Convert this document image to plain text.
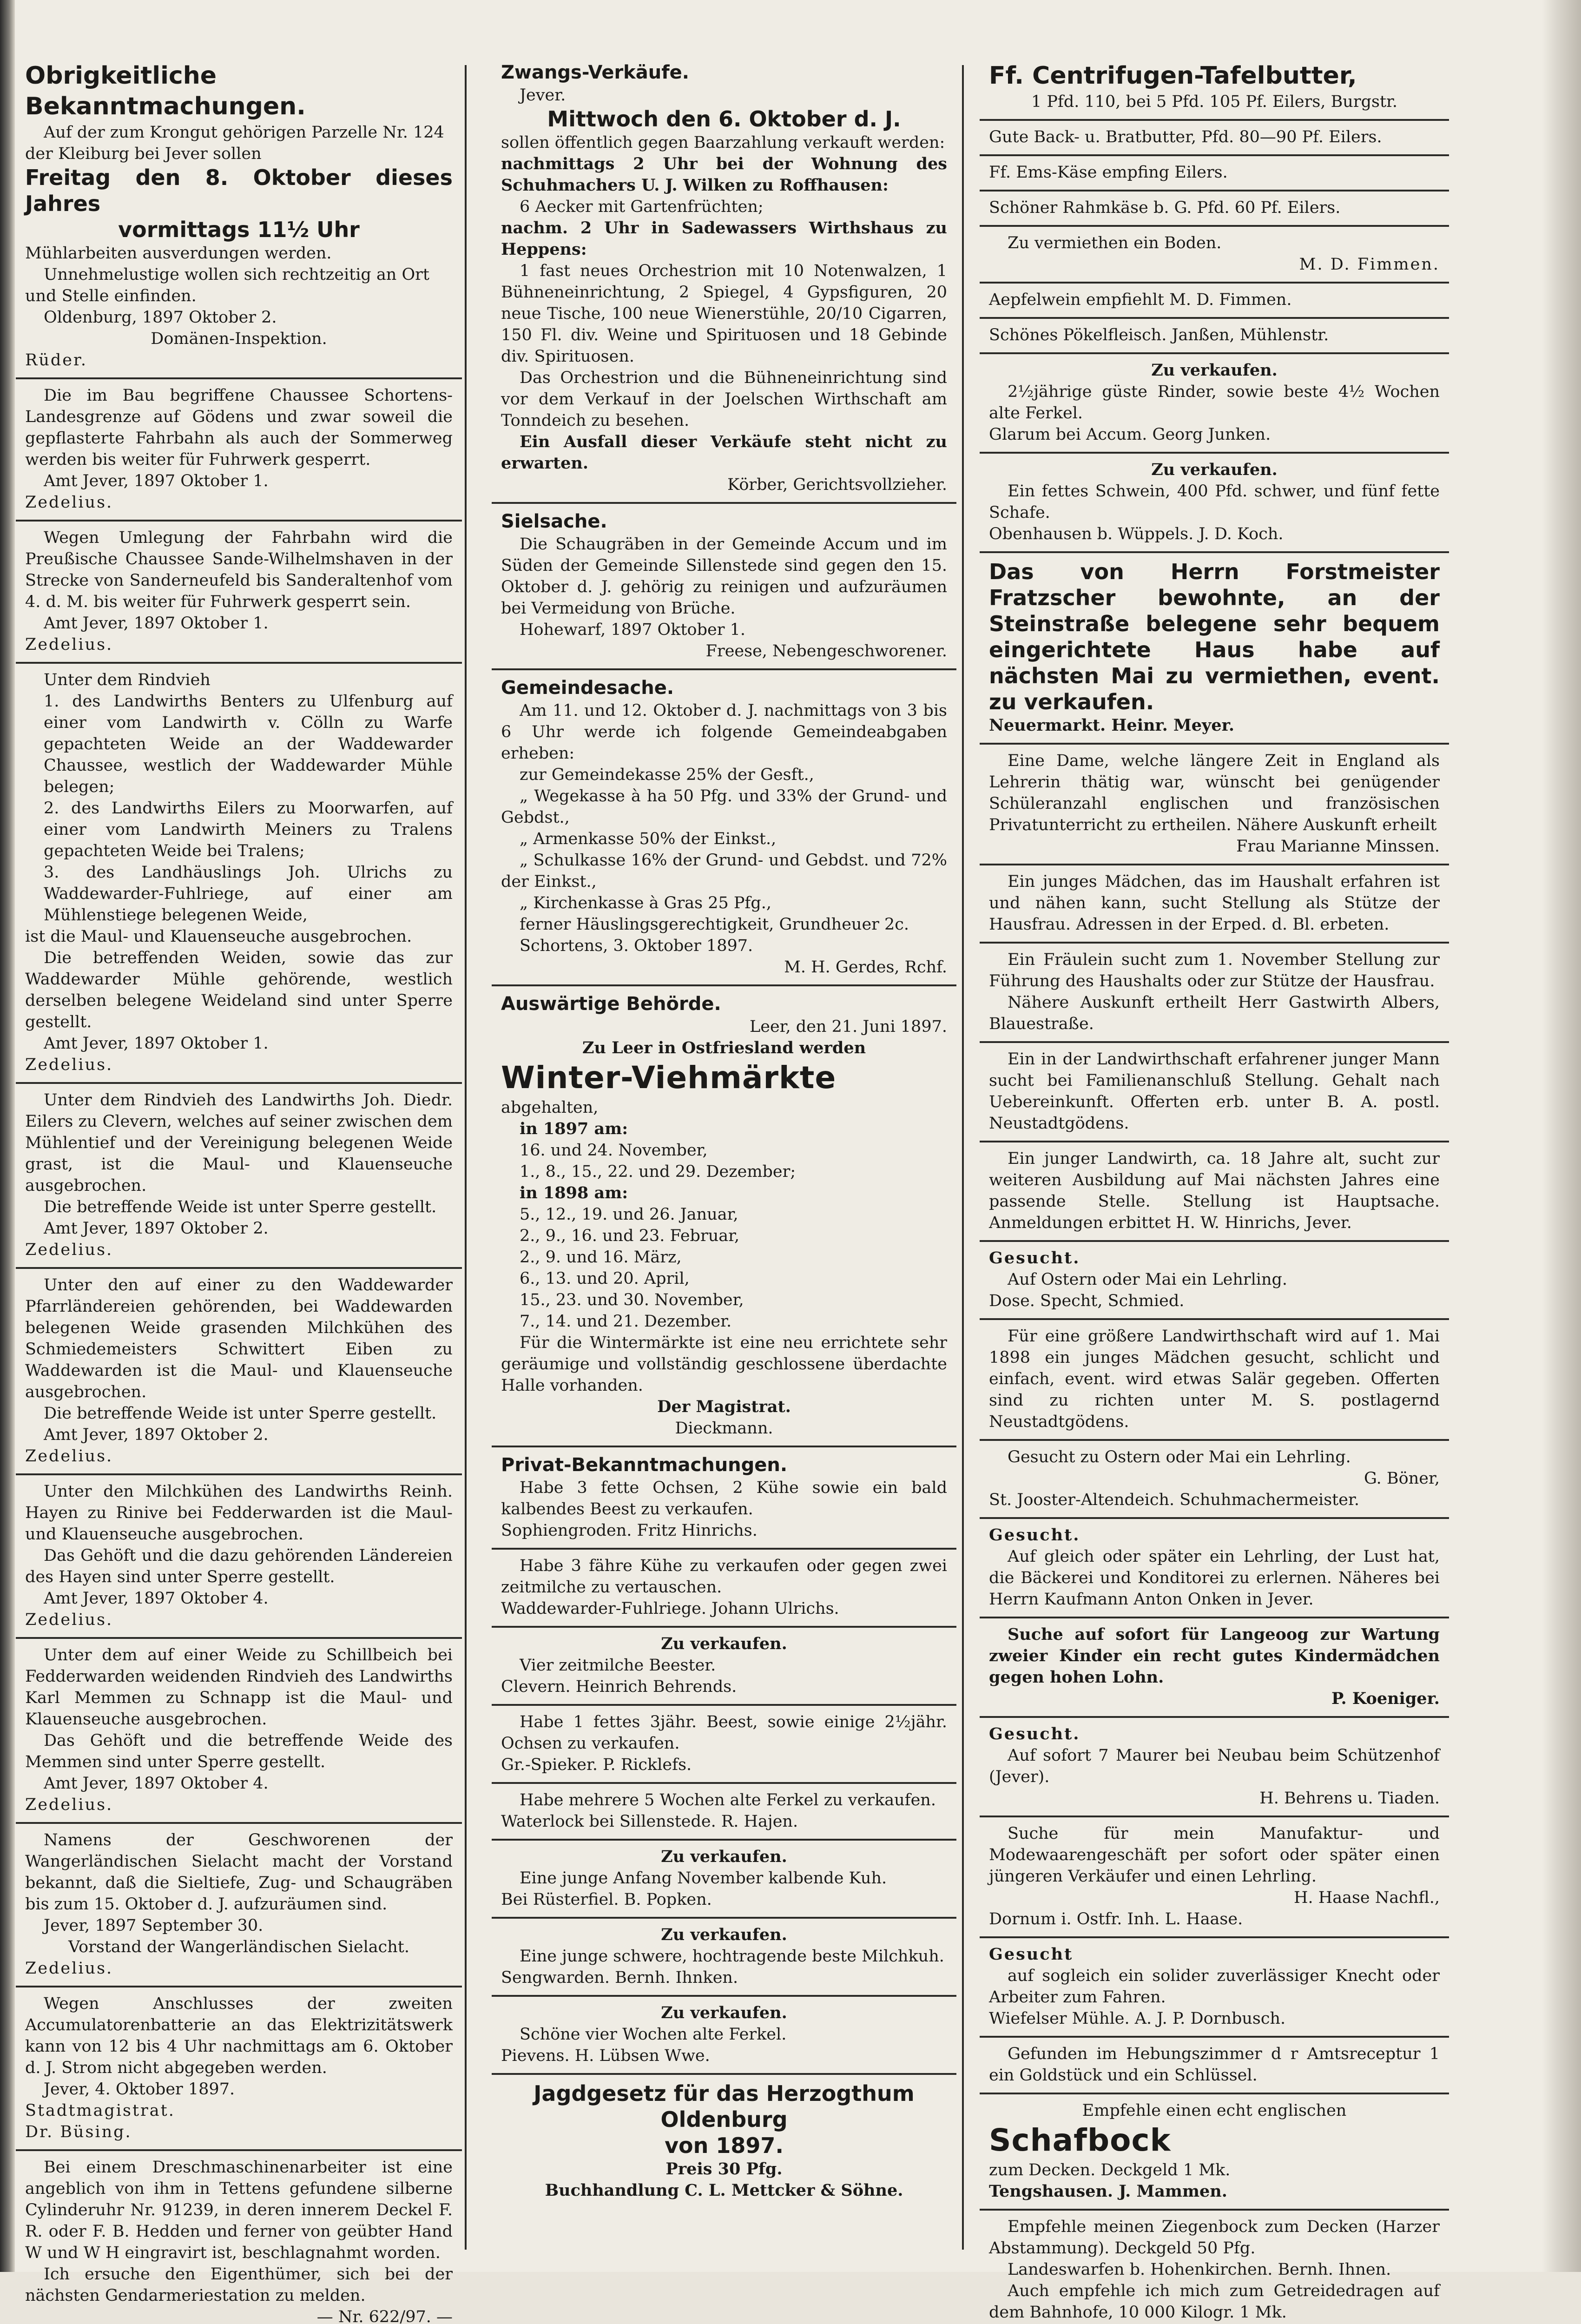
Obrigkeitliche Bekanntmachungen.

Auf der zum Krongut gehörigen Parzelle Nr. 124

der Kleiburg bei Jever sollen

Freitag den 8. Oktober dieses Jahres

vormittags 11½ Uhr

Mühlarbeiten ausverdungen werden.

Unnehmelustige wollen sich rechtzeitig an Ort

und Stelle einfinden.

Oldenburg, 1897 Oktober 2.

Domänen-Inspektion.

Rüder.

Die im Bau begriffene Chaussee Schortens-Landesgrenze auf Gödens und zwar soweil die gepflasterte Fahrbahn als auch der Sommerweg werden bis weiter für Fuhrwerk gesperrt.

Amt Jever, 1897 Oktober 1.

Zedelius.

Wegen Umlegung der Fahrbahn wird die Preußische Chaussee Sande-Wilhelmshaven in der Strecke von Sanderneufeld bis Sanderaltenhof vom 4. d. M. bis weiter für Fuhrwerk gesperrt sein.

Amt Jever, 1897 Oktober 1.

Zedelius.

Unter dem Rindvieh

1. des Landwirths Benters zu Ulfenburg auf einer vom Landwirth v. Cölln zu Warfe gepachteten Weide an der Waddewarder Chaussee, westlich der Waddewarder Mühle belegen;

2. des Landwirths Eilers zu Moorwarfen, auf einer vom Landwirth Meiners zu Tralens gepachteten Weide bei Tralens;

3. des Landhäuslings Joh. Ulrichs zu Waddewarder-Fuhlriege, auf einer am Mühlenstiege belegenen Weide,

ist die Maul- und Klauenseuche ausgebrochen.

Die betreffenden Weiden, sowie das zur Waddewarder Mühle gehörende, westlich derselben belegene Weideland sind unter Sperre gestellt.

Amt Jever, 1897 Oktober 1.

Zedelius.

Unter dem Rindvieh des Landwirths Joh. Diedr. Eilers zu Clevern, welches auf seiner zwischen dem Mühlentief und der Vereinigung belegenen Weide grast, ist die Maul- und Klauenseuche ausgebrochen.

Die betreffende Weide ist unter Sperre gestellt.

Amt Jever, 1897 Oktober 2.

Zedelius.

Unter den auf einer zu den Waddewarder Pfarrländereien gehörenden, bei Waddewarden belegenen Weide grasenden Milchkühen des Schmiedemeisters Schwittert Eiben zu Waddewarden ist die Maul- und Klauenseuche ausgebrochen.

Die betreffende Weide ist unter Sperre gestellt.

Amt Jever, 1897 Oktober 2.

Zedelius.

Unter den Milchkühen des Landwirths Reinh. Hayen zu Rinive bei Fedderwarden ist die Maul- und Klauenseuche ausgebrochen.

Das Gehöft und die dazu gehörenden Ländereien des Hayen sind unter Sperre gestellt.

Amt Jever, 1897 Oktober 4.

Zedelius.

Unter dem auf einer Weide zu Schillbeich bei Fedderwarden weidenden Rindvieh des Landwirths Karl Memmen zu Schnapp ist die Maul- und Klauenseuche ausgebrochen.

Das Gehöft und die betreffende Weide des Memmen sind unter Sperre gestellt.

Amt Jever, 1897 Oktober 4.

Zedelius.

Namens der Geschworenen der Wangerländischen Sielacht macht der Vorstand bekannt, daß die Sieltiefe, Zug- und Schaugräben bis zum 15. Oktober d. J. aufzuräumen sind.

Jever, 1897 September 30.

Vorstand der Wangerländischen Sielacht.

Zedelius.

Wegen Anschlusses der zweiten Accumulatorenbatterie an das Elektrizitätswerk kann von 12 bis 4 Uhr nachmittags am 6. Oktober d. J. Strom nicht abgegeben werden.

Jever, 4. Oktober 1897.

Stadtmagistrat.

Dr. Büsing.

Bei einem Dreschmaschinenarbeiter ist eine angeblich von ihm in Tettens gefundene silberne Cylinderuhr Nr. 91239, in deren innerem Deckel F. R. oder F. B. Hedden und ferner von geübter Hand W und W H eingravirt ist, beschlagnahmt worden.

Ich ersuche den Eigenthümer, sich bei der nächsten Gendarmeriestation zu melden.

— Nr. 622/97. —

Zwangs-Verkäufe.

Jever.

Mittwoch den 6. Oktober d. J.

sollen öffentlich gegen Baarzahlung verkauft werden:

nachmittags 2 Uhr bei der Wohnung des Schuhmachers U. J. Wilken zu Roffhausen:

6 Aecker mit Gartenfrüchten;

nachm. 2 Uhr in Sadewassers Wirthshaus zu Heppens:

1 fast neues Orchestrion mit 10 Notenwalzen, 1 Bühneneinrichtung, 2 Spiegel, 4 Gypsfiguren, 20 neue Tische, 100 neue Wienerstühle, 20/10 Cigarren, 150 Fl. div. Weine und Spirituosen und 18 Gebinde div. Spirituosen.

Das Orchestrion und die Bühneneinrichtung sind vor dem Verkauf in der Joelschen Wirthschaft am Tonndeich zu besehen.

Ein Ausfall dieser Verkäufe steht nicht zu erwarten.

Körber, Gerichtsvollzieher.

Sielsache.

Die Schaugräben in der Gemeinde Accum und im Süden der Gemeinde Sillenstede sind gegen den 15. Oktober d. J. gehörig zu reinigen und aufzuräumen bei Vermeidung von Brüche.

Hohewarf, 1897 Oktober 1.

Freese, Nebengeschworener.

Gemeindesache.

Am 11. und 12. Oktober d. J. nachmittags von 3 bis 6 Uhr werde ich folgende Gemeindeabgaben erheben:

zur Gemeindekasse 25% der Gesft.,

„ Wegekasse à ha 50 Pfg. und 33% der Grund- und Gebdst.,

„ Armenkasse 50% der Einkst.,

„ Schulkasse 16% der Grund- und Gebdst. und 72% der Einkst.,

„ Kirchenkasse à Gras 25 Pfg.,

ferner Häuslingsgerechtigkeit, Grundheuer 2c.

Schortens, 3. Oktober 1897.

M. H. Gerdes, Rchf.

Auswärtige Behörde.

Leer, den 21. Juni 1897.

Zu Leer in Ostfriesland werden

Winter-Viehmärkte

abgehalten,

in 1897 am:

16. und 24. November,

1., 8., 15., 22. und 29. Dezember;

in 1898 am:

5., 12., 19. und 26. Januar,

2., 9., 16. und 23. Februar,

2., 9. und 16. März,

6., 13. und 20. April,

15., 23. und 30. November,

7., 14. und 21. Dezember.

Für die Wintermärkte ist eine neu errichtete sehr geräumige und vollständig geschlossene überdachte Halle vorhanden.

Der Magistrat.

Dieckmann.

Privat-Bekanntmachungen.

Habe 3 fette Ochsen, 2 Kühe sowie ein bald kalbendes Beest zu verkaufen.

Sophiengroden. Fritz Hinrichs.

Habe 3 fähre Kühe zu verkaufen oder gegen zwei zeitmilche zu vertauschen.

Waddewarder-Fuhlriege. Johann Ulrichs.

Zu verkaufen.

Vier zeitmilche Beester.

Clevern. Heinrich Behrends.

Habe 1 fettes 3jähr. Beest, sowie einige 2½jähr. Ochsen zu verkaufen.

Gr.-Spieker. P. Ricklefs.

Habe mehrere 5 Wochen alte Ferkel zu verkaufen.

Waterlock bei Sillenstede. R. Hajen.

Zu verkaufen.

Eine junge Anfang November kalbende Kuh.

Bei Rüsterfiel. B. Popken.

Zu verkaufen.

Eine junge schwere, hochtragende beste Milchkuh.

Sengwarden. Bernh. Ihnken.

Zu verkaufen.

Schöne vier Wochen alte Ferkel.

Pievens. H. Lübsen Wwe.

Jagdgesetz für das Herzogthum Oldenburg

von 1897.

Preis 30 Pfg.

Buchhandlung C. L. Mettcker & Söhne.

Ff. Centrifugen-Tafelbutter,

1 Pfd. 110, bei 5 Pfd. 105 Pf. Eilers, Burgstr.

Gute Back- u. Bratbutter, Pfd. 80—90 Pf. Eilers.

Ff. Ems-Käse empfing Eilers.

Schöner Rahmkäse b. G. Pfd. 60 Pf. Eilers.

Zu vermiethen ein Boden.

M. D. Fimmen.

Aepfelwein empfiehlt M. D. Fimmen.

Schönes Pökelfleisch. Janßen, Mühlenstr.

Zu verkaufen.

2½jährige güste Rinder, sowie beste 4½ Wochen alte Ferkel.

Glarum bei Accum. Georg Junken.

Zu verkaufen.

Ein fettes Schwein, 400 Pfd. schwer, und fünf fette Schafe.

Obenhausen b. Wüppels. J. D. Koch.

Das von Herrn Forstmeister Fratzscher bewohnte, an der Steinstraße belegene sehr bequem eingerichtete Haus habe auf nächsten Mai zu vermiethen, event. zu verkaufen.

Neuermarkt. Heinr. Meyer.

Eine Dame, welche längere Zeit in England als Lehrerin thätig war, wünscht bei genügender Schüleranzahl englischen und französischen Privatunterricht zu ertheilen. Nähere Auskunft erheilt

Frau Marianne Minssen.

Ein junges Mädchen, das im Haushalt erfahren ist und nähen kann, sucht Stellung als Stütze der Hausfrau. Adressen in der Erped. d. Bl. erbeten.

Ein Fräulein sucht zum 1. November Stellung zur Führung des Haushalts oder zur Stütze der Hausfrau.

Nähere Auskunft ertheilt Herr Gastwirth Albers, Blauestraße.

Ein in der Landwirthschaft erfahrener junger Mann sucht bei Familienanschluß Stellung. Gehalt nach Uebereinkunft. Offerten erb. unter B. A. postl. Neustadtgödens.

Ein junger Landwirth, ca. 18 Jahre alt, sucht zur weiteren Ausbildung auf Mai nächsten Jahres eine passende Stelle. Stellung ist Hauptsache. Anmeldungen erbittet H. W. Hinrichs, Jever.

Gesucht.

Auf Ostern oder Mai ein Lehrling.

Dose. Specht, Schmied.

Für eine größere Landwirthschaft wird auf 1. Mai 1898 ein junges Mädchen gesucht, schlicht und einfach, event. wird etwas Salär gegeben. Offerten sind zu richten unter M. S. postlagernd Neustadtgödens.

Gesucht zu Ostern oder Mai ein Lehrling.

G. Böner,

St. Jooster-Altendeich. Schuhmachermeister.

Gesucht.

Auf gleich oder später ein Lehrling, der Lust hat, die Bäckerei und Konditorei zu erlernen. Näheres bei Herrn Kaufmann Anton Onken in Jever.

Suche auf sofort für Langeoog zur Wartung zweier Kinder ein recht gutes Kindermädchen gegen hohen Lohn.

P. Koeniger.

Gesucht.

Auf sofort 7 Maurer bei Neubau beim Schützenhof (Jever).

H. Behrens u. Tiaden.

Suche für mein Manufaktur- und Modewaarengeschäft per sofort oder später einen jüngeren Verkäufer und einen Lehrling.

H. Haase Nachfl.,

Dornum i. Ostfr. Inh. L. Haase.

Gesucht

auf sogleich ein solider zuverlässiger Knecht oder Arbeiter zum Fahren.

Wiefelser Mühle. A. J. P. Dornbusch.

Gefunden im Hebungszimmer d r Amtsreceptur 1 ein Goldstück und ein Schlüssel.

Empfehle einen echt englischen

Schafbock

zum Decken. Deckgeld 1 Mk.

Tengshausen. J. Mammen.

Empfehle meinen Ziegenbock zum Decken (Harzer Abstammung). Deckgeld 50 Pfg.

Landeswarfen b. Hohenkirchen. Bernh. Ihnen.

Auch empfehle ich mich zum Getreidedragen auf dem Bahnhofe, 10 000 Kilogr. 1 Mk.
